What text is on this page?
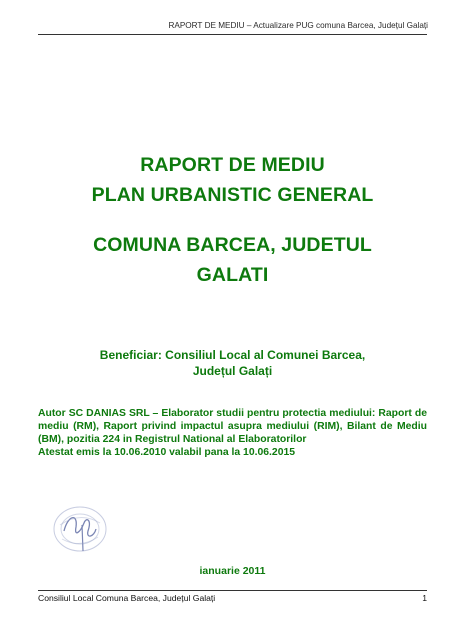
RAPORT DE MEDIU – Actualizare PUG comuna Barcea, Județul Galați
RAPORT DE MEDIU
PLAN URBANISTIC GENERAL
COMUNA BARCEA, JUDETUL
GALATI
Beneficiar: Consiliul Local al Comunei Barcea,
Județul Galați

Autor SC DANIAS SRL – Elaborator studii pentru protectia mediului: Raport de mediu (RM), Raport privind impactul asupra mediului (RIM), Bilant de Mediu (BM), pozitia 224 in Registrul National al Elaboratorilor

Atestat emis la 10.06.2010 valabil pana la 10.06.2015

ianuarie 2011
Consiliul Local Comuna Barcea, Județul Galați	1
